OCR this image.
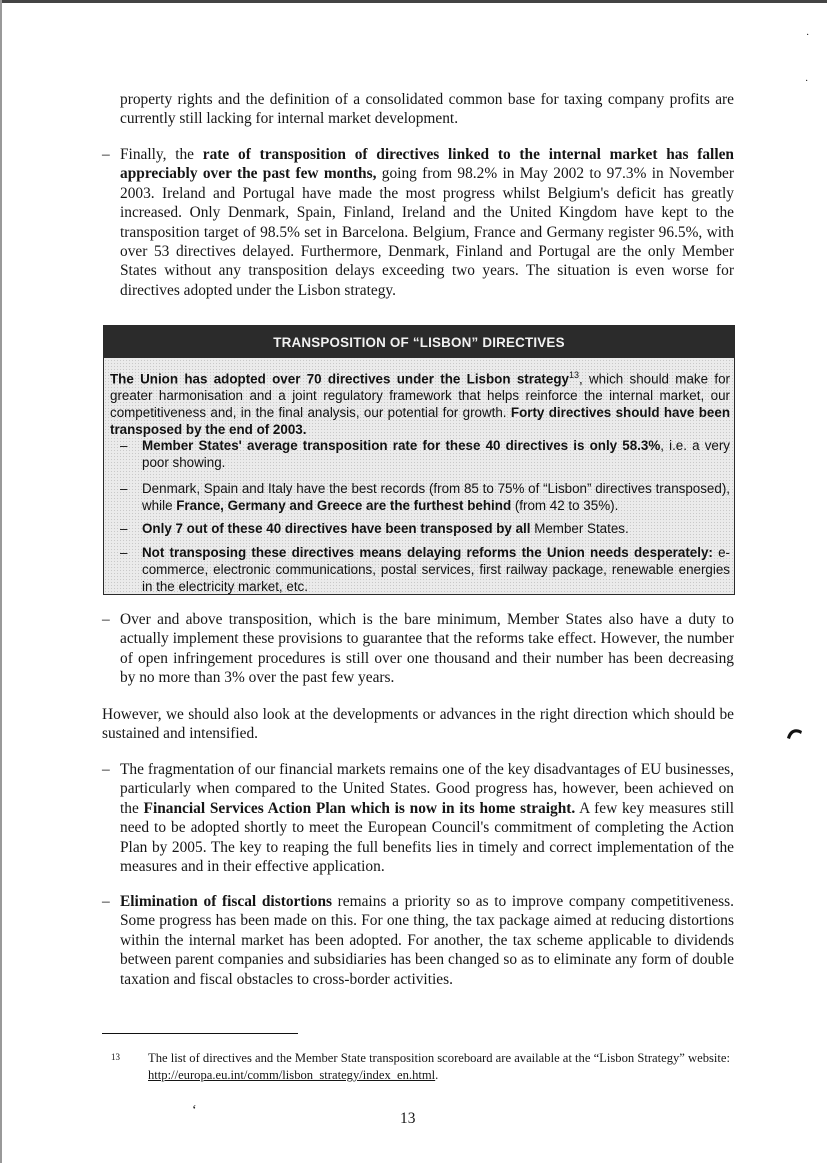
property rights and the definition of a consolidated common base for taxing company profits are currently still lacking for internal market development.
– Finally, the rate of transposition of directives linked to the internal market has fallen appreciably over the past few months, going from 98.2% in May 2002 to 97.3% in November 2003. Ireland and Portugal have made the most progress whilst Belgium's deficit has greatly increased. Only Denmark, Spain, Finland, Ireland and the United Kingdom have kept to the transposition target of 98.5% set in Barcelona. Belgium, France and Germany register 96.5%, with over 53 directives delayed. Furthermore, Denmark, Finland and Portugal are the only Member States without any transposition delays exceeding two years. The situation is even worse for directives adopted under the Lisbon strategy.
TRANSPOSITION OF “LISBON” DIRECTIVES
The Union has adopted over 70 directives under the Lisbon strategy$^{13}$, which should make for greater harmonisation and a joint regulatory framework that helps reinforce the internal market, our competitiveness and, in the final analysis, our potential for growth. Forty directives should have been transposed by the end of 2003.
–	Member States' average transposition rate for these 40 directives is only 58.3%, i.e. a very poor showing.
–	Denmark, Spain and Italy have the best records (from 85 to 75% of “Lisbon” directives transposed), while France, Germany and Greece are the furthest behind (from 42 to 35%).
–	Only 7 out of these 40 directives have been transposed by all Member States.
–	Not transposing these directives means delaying reforms the Union needs desperately: e-commerce, electronic communications, postal services, first railway package, renewable energies in the electricity market, etc.
– Over and above transposition, which is the bare minimum, Member States also have a duty to actually implement these provisions to guarantee that the reforms take effect. However, the number of open infringement procedures is still over one thousand and their number has been decreasing by no more than 3% over the past few years.
However, we should also look at the developments or advances in the right direction which should be sustained and intensified.
– The fragmentation of our financial markets remains one of the key disadvantages of EU businesses, particularly when compared to the United States. Good progress has, however, been achieved on the Financial Services Action Plan which is now in its home straight. A few key measures still need to be adopted shortly to meet the European Council's commitment of completing the Action Plan by 2005. The key to reaping the full benefits lies in timely and correct implementation of the measures and in their effective application.
– Elimination of fiscal distortions remains a priority so as to improve company competitiveness. Some progress has been made on this. For one thing, the tax package aimed at reducing distortions within the internal market has been adopted. For another, the tax scheme applicable to dividends between parent companies and subsidiaries has been changed so as to eliminate any form of double taxation and fiscal obstacles to cross-border activities.
13 The list of directives and the Member State transposition scoreboard are available at the “Lisbon Strategy” website: http://europa.eu.int/comm/lisbon_strategy/index_en.html.
13
‘
·
·
